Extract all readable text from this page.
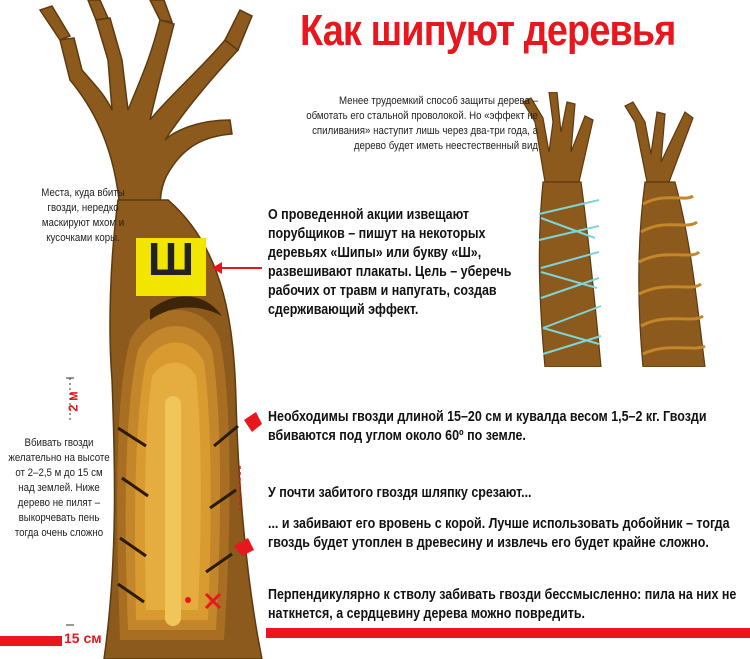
Как шипуют деревья
Ш
Менее трудоемкий способ защиты дерева – обмотать его стальной проволокой. Но «эффект нe спиливания» наступит лишь через два-три года, а дерево будет иметь неестественный вид
Места, куда вбиты гвозди, нередко маскируют мхом и кусочками коры.
О проведенной акции извещают порубщиков – пишут на некоторых деревьях «Шипы» или букву «Ш», развешивают плакаты. Цель – уберечь рабочих от травм и напугать, создав сдерживающий эффект.
Вбивать гвозди желательно на высоте от 2–2,5 м до 15 см над землей. Ниже дерево не пилят – выкорчевать пень тогда очень сложно
2 м
15 см
Необходимы гвозди длиной 15–20 см и кувалда весом 1,5–2 кг. Гвозди вбиваются под углом около 60º по земле.
У почти забитого гвоздя шляпку срезают...
... и забивают его вровень с корой. Лучше использовать добойник – тогда гвоздь будет утоплен в древесину и извлечь его будет крайне сложно.
Перпендикулярно к стволу забивать гвозди бессмысленно: пила на них не наткнется, а сердцевину дерева можно повредить.
